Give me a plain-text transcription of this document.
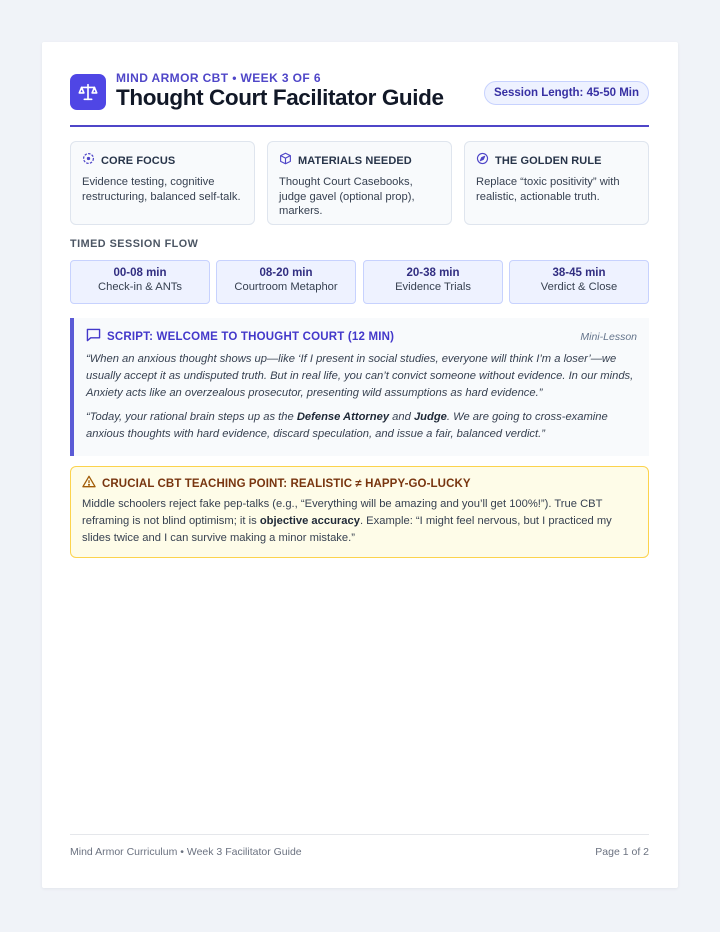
MIND ARMOR CBT • WEEK 3 OF 6
Thought Court Facilitator Guide	Session Length: 45-50 Min
CORE FOCUS
Evidence testing, cognitive restructuring, balanced self-talk.
MATERIALS NEEDED
Thought Court Casebooks, judge gavel (optional prop), markers.
THE GOLDEN RULE
Replace “toxic positivity” with realistic, actionable truth.
TIMED SESSION FLOW
00-08 min
Check-in & ANTs
08-20 min
Courtroom Metaphor
20-38 min
Evidence Trials
38-45 min
Verdict & Close
SCRIPT: WELCOME TO THOUGHT COURT (12 MIN)	Mini-Lesson

“When an anxious thought shows up—like ‘If I present in social studies, everyone will think I’m a loser’—we usually accept it as undisputed truth. But in real life, you can’t convict someone without evidence. In our minds, Anxiety acts like an overzealous prosecutor, presenting wild assumptions as hard evidence.”

“Today, your rational brain steps up as the Defense Attorney and Judge. We are going to cross-examine anxious thoughts with hard evidence, discard speculation, and issue a fair, balanced verdict.”

CRUCIAL CBT TEACHING POINT: REALISTIC ≠ HAPPY-GO-LUCKY
Middle schoolers reject fake pep-talks (e.g., “Everything will be amazing and you’ll get 100%!”). True CBT reframing is not blind optimism; it is objective accuracy. Example: “I might feel nervous, but I practiced my slides twice and I can survive making a minor mistake.”
Mind Armor Curriculum • Week 3 Facilitator Guide	Page 1 of 2
